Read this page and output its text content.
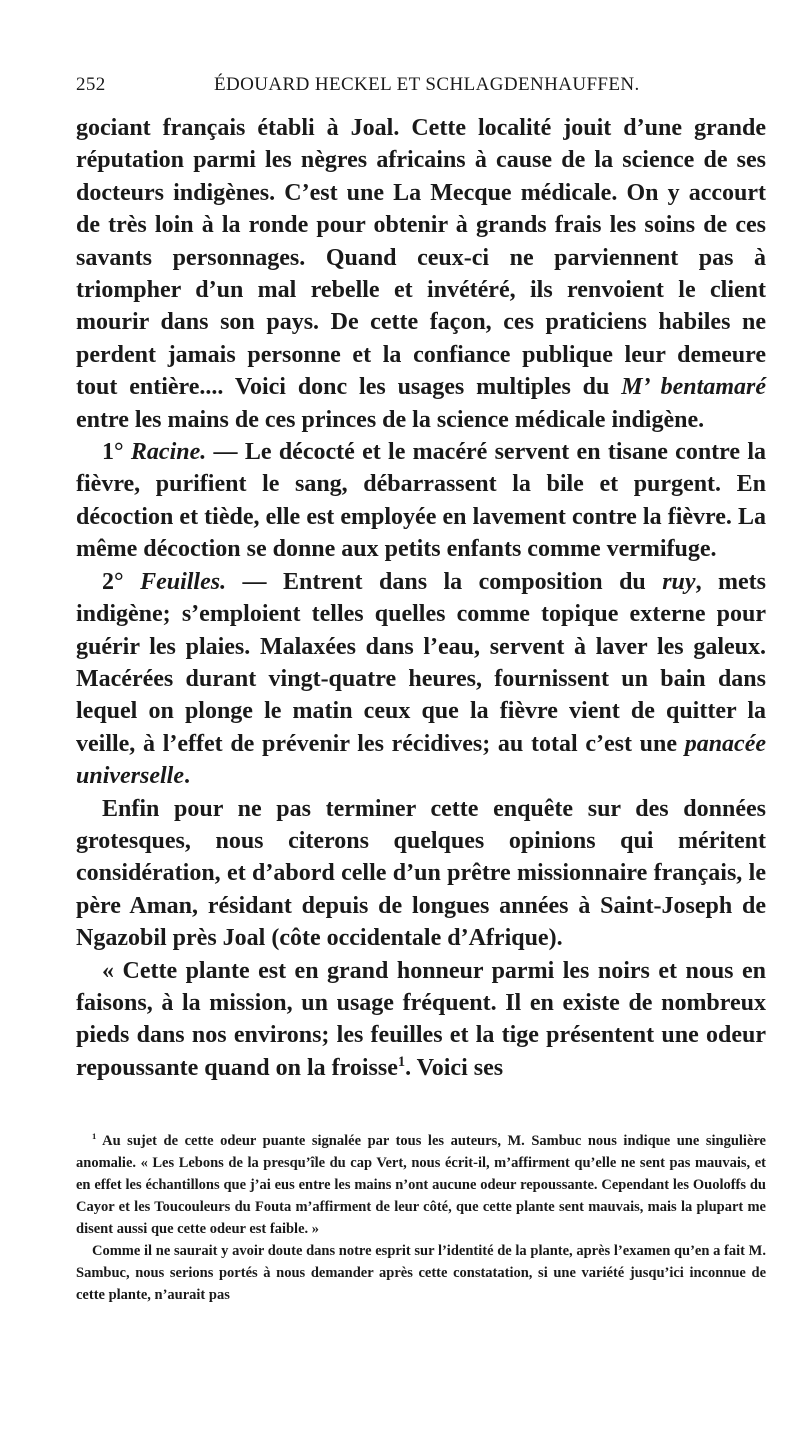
252	ÉDOUARD HECKEL ET SCHLAGDENHAUFFEN.

gociant français établi à Joal. Cette localité jouit d’une grande réputation parmi les nègres africains à cause de la science de ses docteurs indigènes. C’est une La Mecque médicale. On y accourt de très loin à la ronde pour obtenir à grands frais les soins de ces savants personnages. Quand ceux-ci ne parviennent pas à triompher d’un mal rebelle et invétéré, ils renvoient le client mourir dans son pays. De cette façon, ces praticiens habiles ne perdent jamais personne et la confiance publique leur demeure tout entière.... Voici donc les usages multiples du M’ bentamaré entre les mains de ces princes de la science médicale indigène.

1° Racine. — Le décocté et le macéré servent en tisane contre la fièvre, purifient le sang, débarrassent la bile et purgent. En décoction et tiède, elle est employée en lavement contre la fièvre. La même décoction se donne aux petits enfants comme vermifuge.

2° Feuilles. — Entrent dans la composition du ruy, mets indigène; s’emploient telles quelles comme topique externe pour guérir les plaies. Malaxées dans l’eau, servent à laver les galeux. Macérées durant vingt-quatre heures, fournissent un bain dans lequel on plonge le matin ceux que la fièvre vient de quitter la veille, à l’effet de prévenir les récidives; au total c’est une panacée universelle.

Enfin pour ne pas terminer cette enquête sur des données grotesques, nous citerons quelques opinions qui méritent considération, et d’abord celle d’un prêtre missionnaire français, le père Aman, résidant depuis de longues années à Saint-Joseph de Ngazobil près Joal (côte occidentale d’Afrique).

« Cette plante est en grand honneur parmi les noirs et nous en faisons, à la mission, un usage fréquent. Il en existe de nombreux pieds dans nos environs; les feuilles et la tige présentent une odeur repoussante quand on la froisse$^1$. Voici ses

$^1$ Au sujet de cette odeur puante signalée par tous les auteurs, M. Sambuc nous indique une singulière anomalie. « Les Lebons de la presqu’île du cap Vert, nous écrit-il, m’affirment qu’elle ne sent pas mauvais, et en effet les échantillons que j’ai eus entre les mains n’ont aucune odeur repoussante. Cependant les Ouoloffs du Cayor et les Toucouleurs du Fouta m’affirment de leur côté, que cette plante sent mauvais, mais la plupart me disent aussi que cette odeur est faible. »

Comme il ne saurait y avoir doute dans notre esprit sur l’identité de la plante, après l’examen qu’en a fait M. Sambuc, nous serions portés à nous demander après cette constatation, si une variété jusqu’ici inconnue de cette plante, n’aurait pas
